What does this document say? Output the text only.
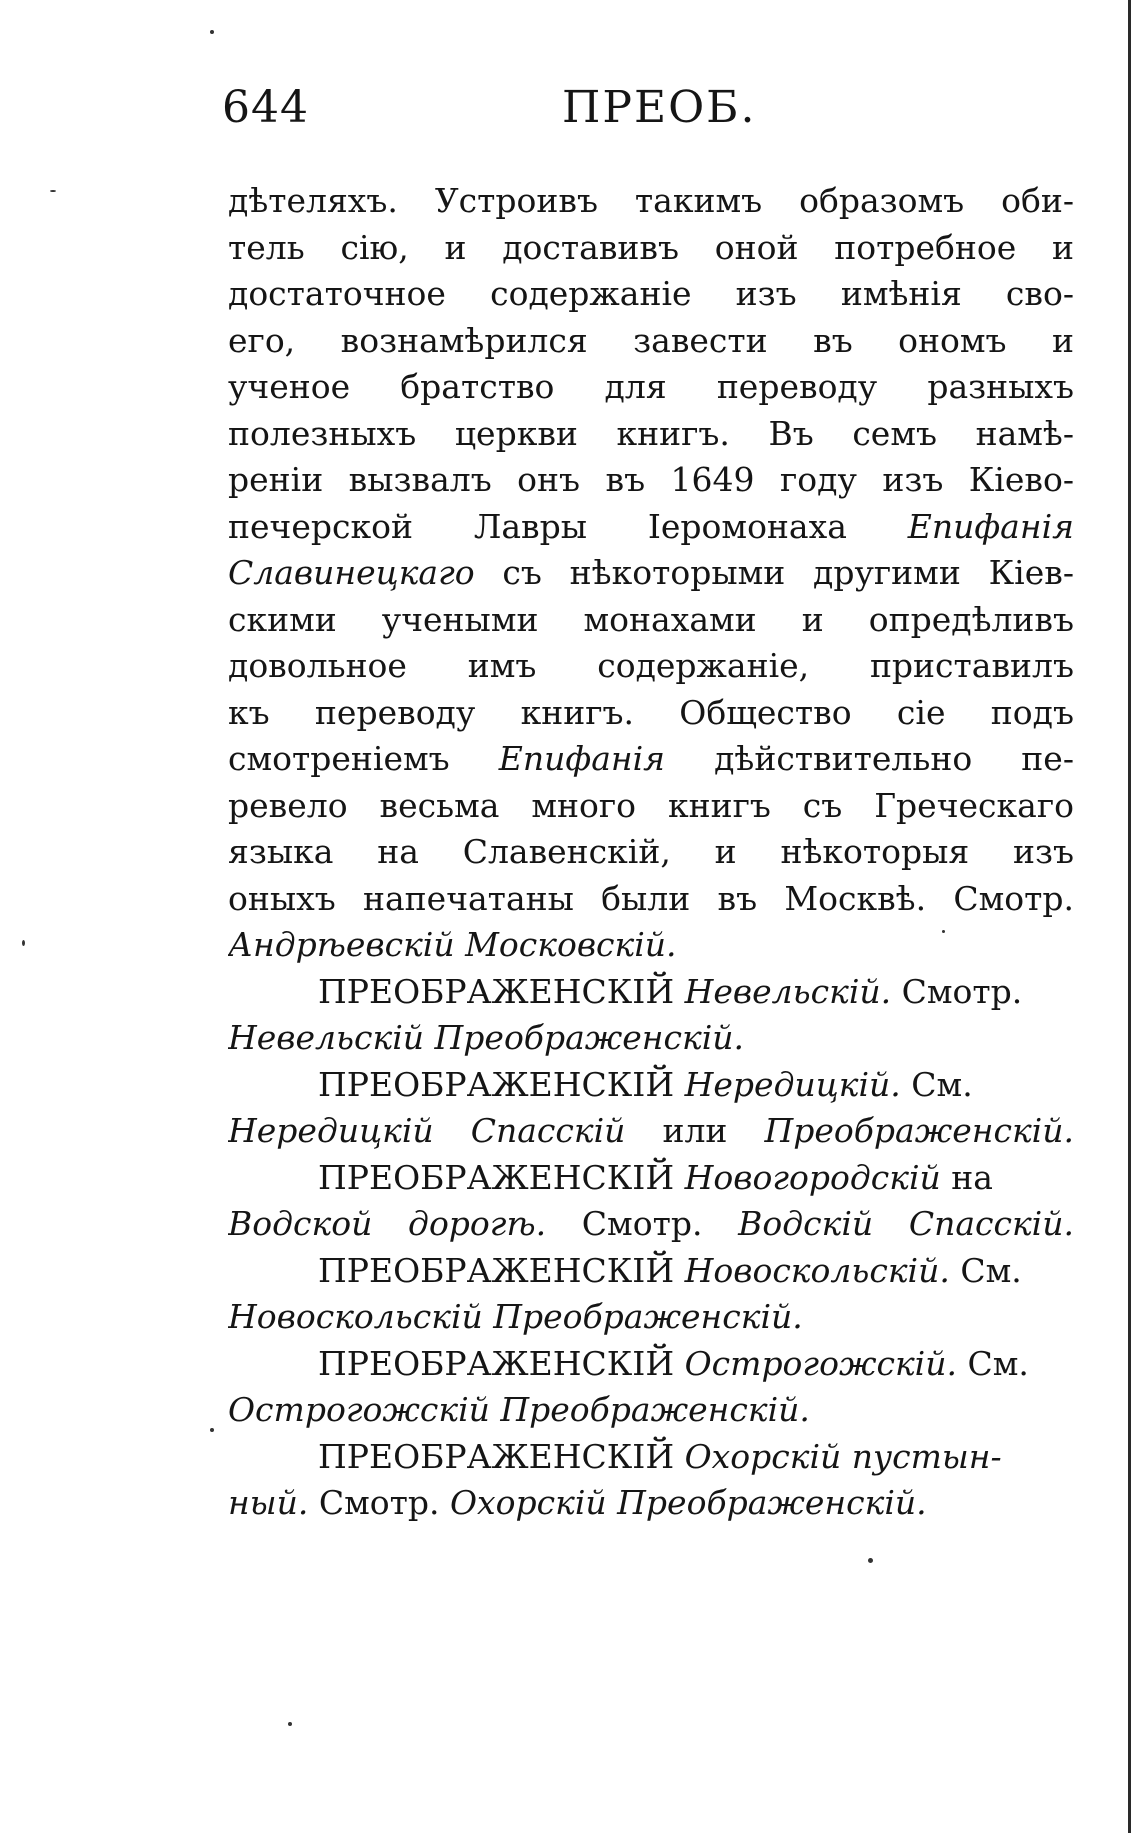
644	ПРЕОБ.
дѣтеляхъ. Устроивъ такимъ образомъ оби-
тель сію, и доставивъ оной потребное и
достаточное содержаніе изъ имѣнія сво-
его, вознамѣрился завести въ ономъ и
ученое братство для переводу разныхъ
полезныхъ церкви книгъ. Въ семъ намѣ-
реніи вызвалъ онъ въ 1649 году изъ Кіево-
печерской Лавры Іеромонаха Епифанія
Славинецкаго съ нѣкоторыми другими Кіев-
скими учеными монахами и опредѣливъ
довольное имъ содержаніе, приставилъ
къ переводу книгъ. Общество сіе подъ
смотреніемъ Епифанія дѣйствительно пе-
ревело весьма много книгъ съ Греческаго
языка на Славенскій, и нѣкоторыя изъ
оныхъ напечатаны были въ Москвѣ. Смотр.
Андрѣевскій Московскій.
ПРЕОБРАЖЕНСКІЙ Невельскій. Смотр.
Невельскій Преображенскій.
ПРЕОБРАЖЕНСКІЙ Нередицкій. См.
Нередицкій Спасскій или Преображенскій.
ПРЕОБРАЖЕНСКІЙ Новогородскій на
Водской дорогѣ. Смотр. Водскій Спасскій.
ПРЕОБРАЖЕНСКІЙ Новоскольскій. См.
Новоскольскій Преображенскій.
ПРЕОБРАЖЕНСКІЙ Острогожскій. См.
Острогожскій Преображенскій.
ПРЕОБРАЖЕНСКІЙ Охорскій пустын-
ный. Смотр. Охорскій Преображенскій.
